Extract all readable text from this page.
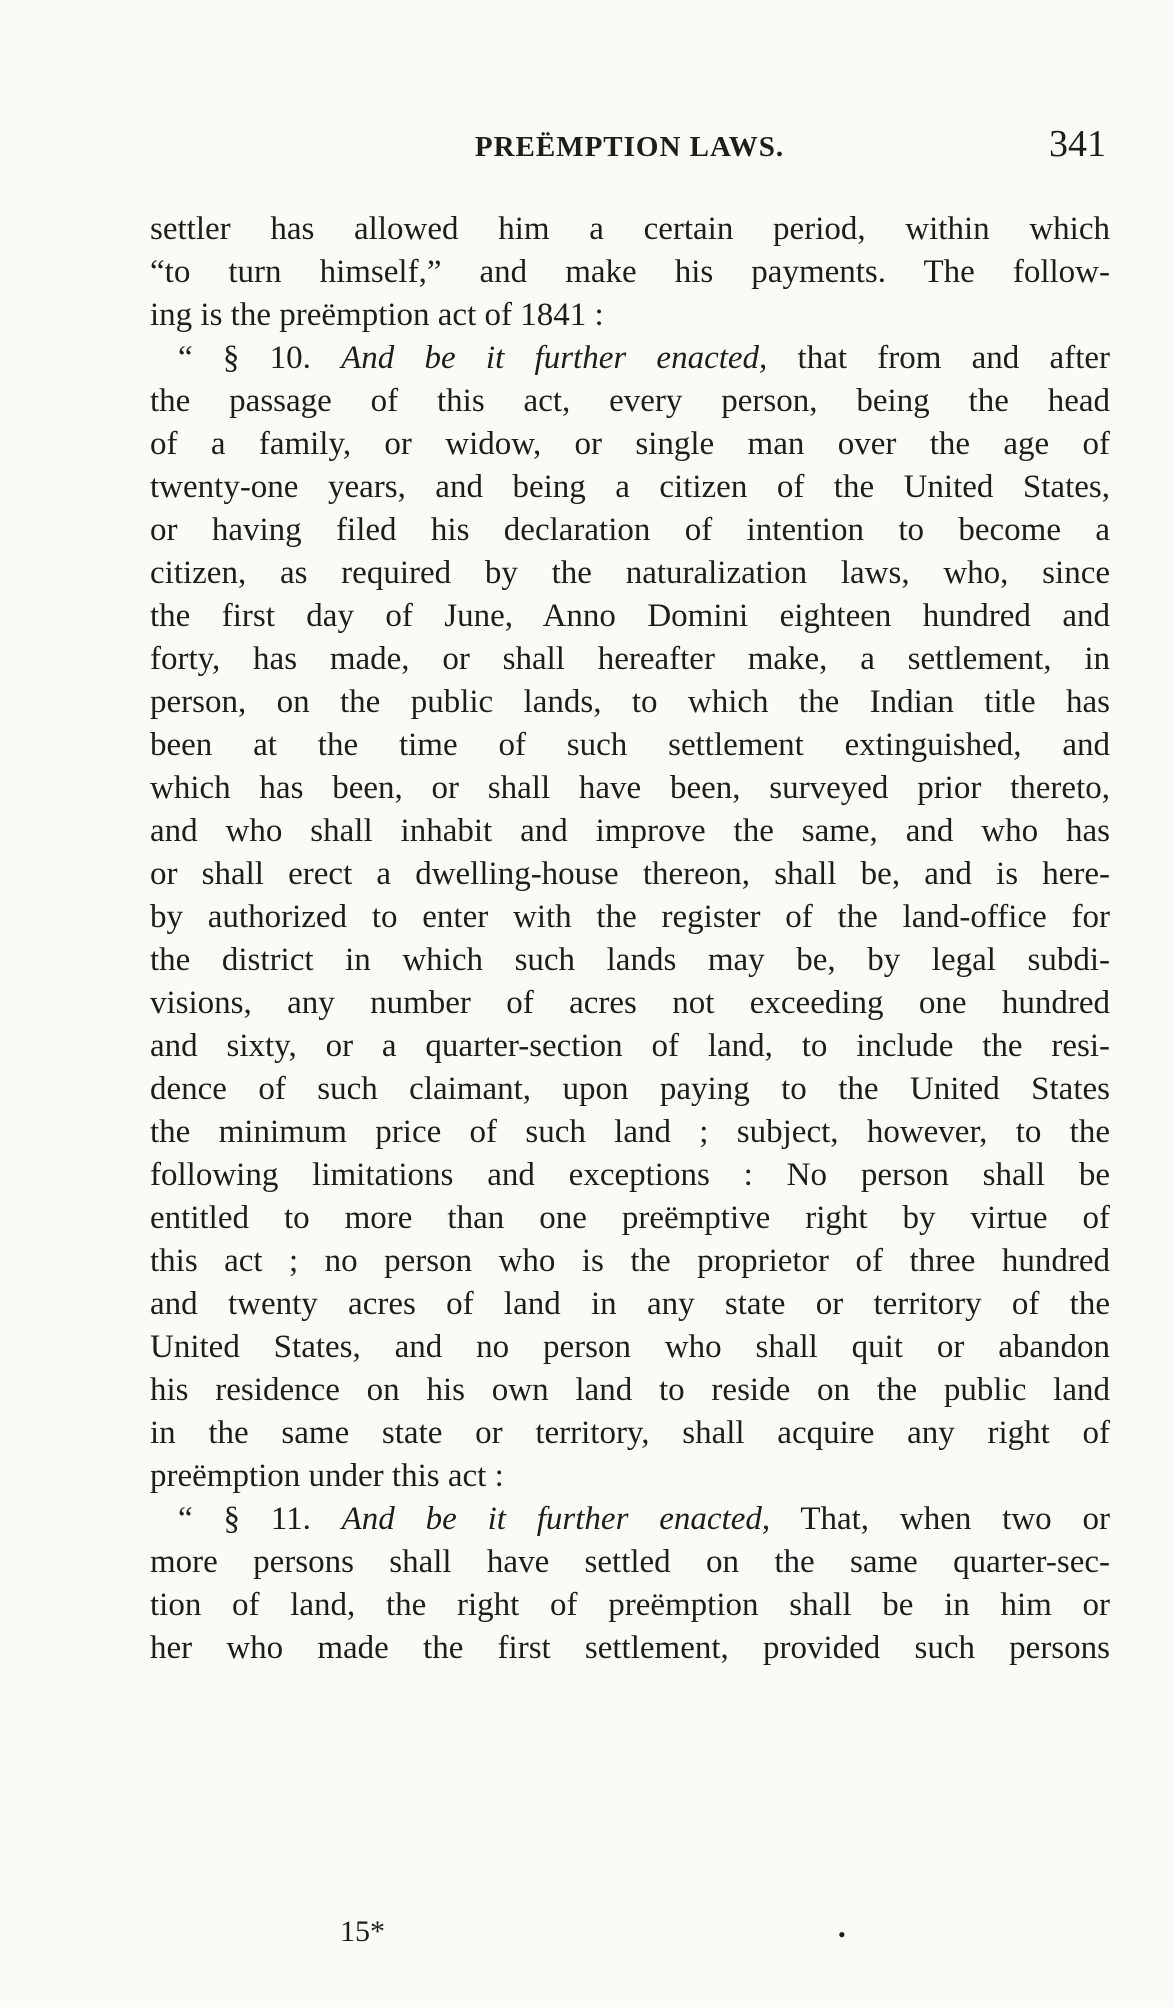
PREËMPTION LAWS.	341
settler has allowed him a certain period, within which
“to turn himself,” and make his payments. The follow-
ing is the preëmption act of 1841 :
“ § 10. And be it further enacted, that from and after
the passage of this act, every person, being the head
of a family, or widow, or single man over the age of
twenty-one years, and being a citizen of the United States,
or having filed his declaration of intention to become a
citizen, as required by the naturalization laws, who, since
the first day of June, Anno Domini eighteen hundred and
forty, has made, or shall hereafter make, a settlement, in
person, on the public lands, to which the Indian title has
been at the time of such settlement extinguished, and
which has been, or shall have been, surveyed prior thereto,
and who shall inhabit and improve the same, and who has
or shall erect a dwelling-house thereon, shall be, and is here-
by authorized to enter with the register of the land-office for
the district in which such lands may be, by legal subdi-
visions, any number of acres not exceeding one hundred
and sixty, or a quarter-section of land, to include the resi-
dence of such claimant, upon paying to the United States
the minimum price of such land ; subject, however, to the
following limitations and exceptions : No person shall be
entitled to more than one preëmptive right by virtue of
this act ; no person who is the proprietor of three hundred
and twenty acres of land in any state or territory of the
United States, and no person who shall quit or abandon
his residence on his own land to reside on the public land
in the same state or territory, shall acquire any right of
preëmption under this act :
“ § 11. And be it further enacted, That, when two or
more persons shall have settled on the same quarter-sec-
tion of land, the right of preëmption shall be in him or
her who made the first settlement, provided such persons
15*	•
